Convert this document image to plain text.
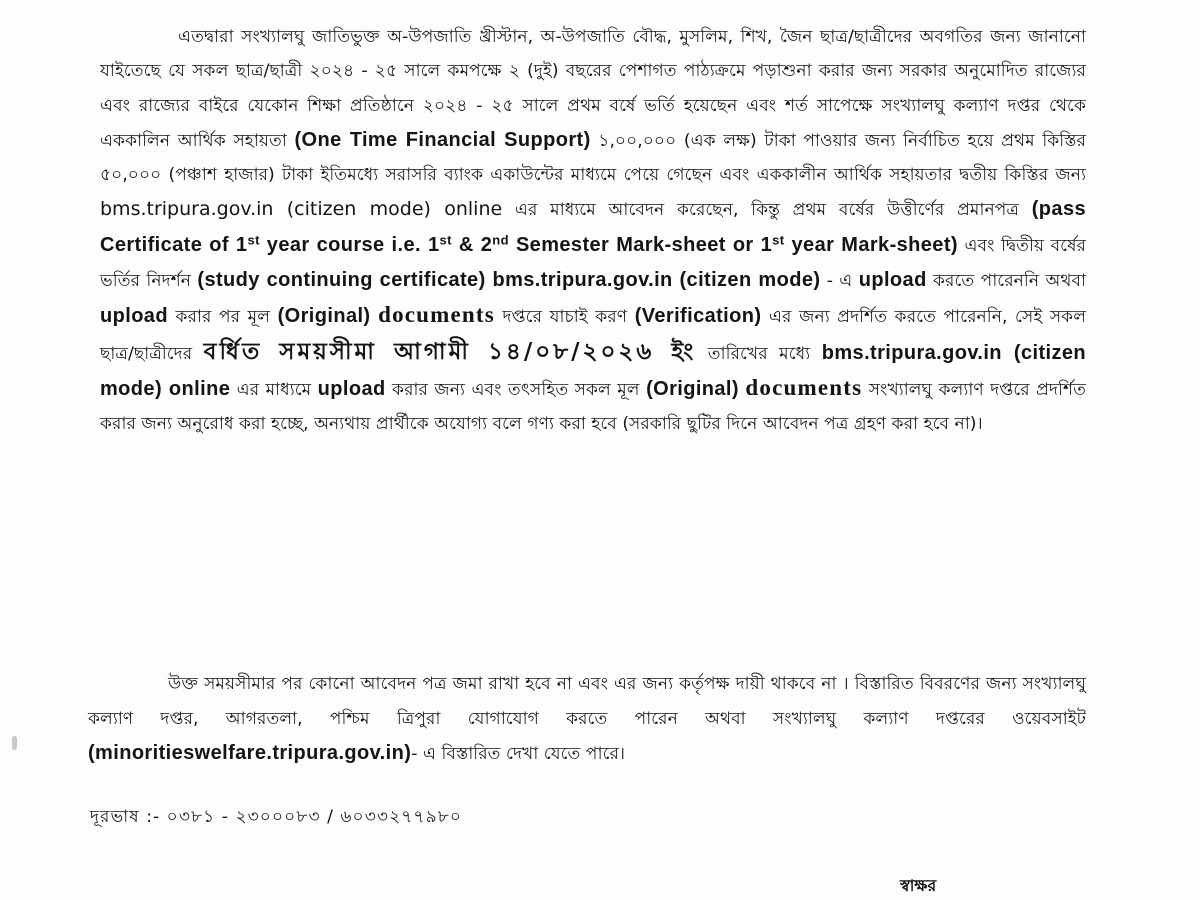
এতদ্বারা সংখ্যালঘু জাতিভুক্ত অ-উপজাতি খ্রীস্টান, অ-উপজাতি বৌদ্ধ, মুসলিম, শিখ, জৈন ছাত্র/ছাত্রীদের অবগতির জন্য জানানো যাইতেছে যে সকল ছাত্র/ছাত্রী ২০২৪ - ২৫ সালে কমপক্ষে ২ (দুই) বছরের পেশাগত পাঠ্যক্রমে পড়াশুনা করার জন্য সরকার অনুমোদিত রাজ্যের এবং রাজ্যের বাইরে যেকোন শিক্ষা প্রতিষ্ঠানে ২০২৪ - ২৫ সালে প্রথম বর্ষে ভর্তি হয়েছেন এবং শর্ত সাপেক্ষে সংখ্যালঘু কল্যাণ দপ্তর থেকে এককালিন আর্থিক সহায়তা (One Time Financial Support) ১,০০,০০০ (এক লক্ষ) টাকা পাওয়ার জন্য নির্বাচিত হয়ে প্রথম কিস্তির ৫০,০০০ (পঞ্চাশ হাজার) টাকা ইতিমধ্যে সরাসরি ব্যাংক একাউন্টের মাধ্যমে পেয়ে গেছেন এবং এককালীন আর্থিক সহায়তার দ্বতীয় কিস্তির জন্য bms.tripura.gov.in (citizen mode) online এর মাধ্যমে আবেদন করেছেন, কিন্তু প্রথম বর্ষের উত্তীর্ণের প্রমানপত্র (pass Certificate of 1st year course i.e. 1st & 2nd Semester Mark-sheet or 1st year Mark-sheet) এবং দ্বিতীয় বর্ষের ভর্তির নিদর্শন (study continuing certificate) bms.tripura.gov.in (citizen mode) - এ upload করতে পারেননি অথবা upload করার পর মূল (Original) documents দপ্তরে যাচাই করণ (Verification) এর জন্য প্রদর্শিত করতে পারেননি, সেই সকল ছাত্র/ছাত্রীদের বর্ধিত সময়সীমা আগামী ১৪/০৮/২০২৬ ইং তারিখের মধ্যে bms.tripura.gov.in (citizen mode) online এর মাধ্যমে upload করার জন্য এবং তৎসহিত সকল মূল (Original) documents সংখ্যালঘু কল্যাণ দপ্তরে প্রদর্শিত করার জন্য অনুরোধ করা হচ্ছে, অন্যথায় প্রার্থীকে অযোগ্য বলে গণ্য করা হবে (সরকারি ছুটির দিনে আবেদন পত্র গ্রহণ করা হবে না)।

উক্ত সময়সীমার পর কোনো আবেদন পত্র জমা রাখা হবে না এবং এর জন্য কর্তৃপক্ষ দায়ী থাকবে না । বিস্তারিত বিবরণের জন্য সংখ্যালঘু কল্যাণ দপ্তর, আগরতলা, পশ্চিম ত্রিপুরা যোগাযোগ করতে পারেন অথবা সংখ্যালঘু কল্যাণ দপ্তরের ওয়েবসাইট (minoritieswelfare.tripura.gov.in)- এ বিস্তারিত দেখা যেতে পারে।

দূরভাষ :- ০৩৮১ - ২৩০০০৮৩ / ৬০৩৩২৭৭৯৮০
স্বাক্ষর
